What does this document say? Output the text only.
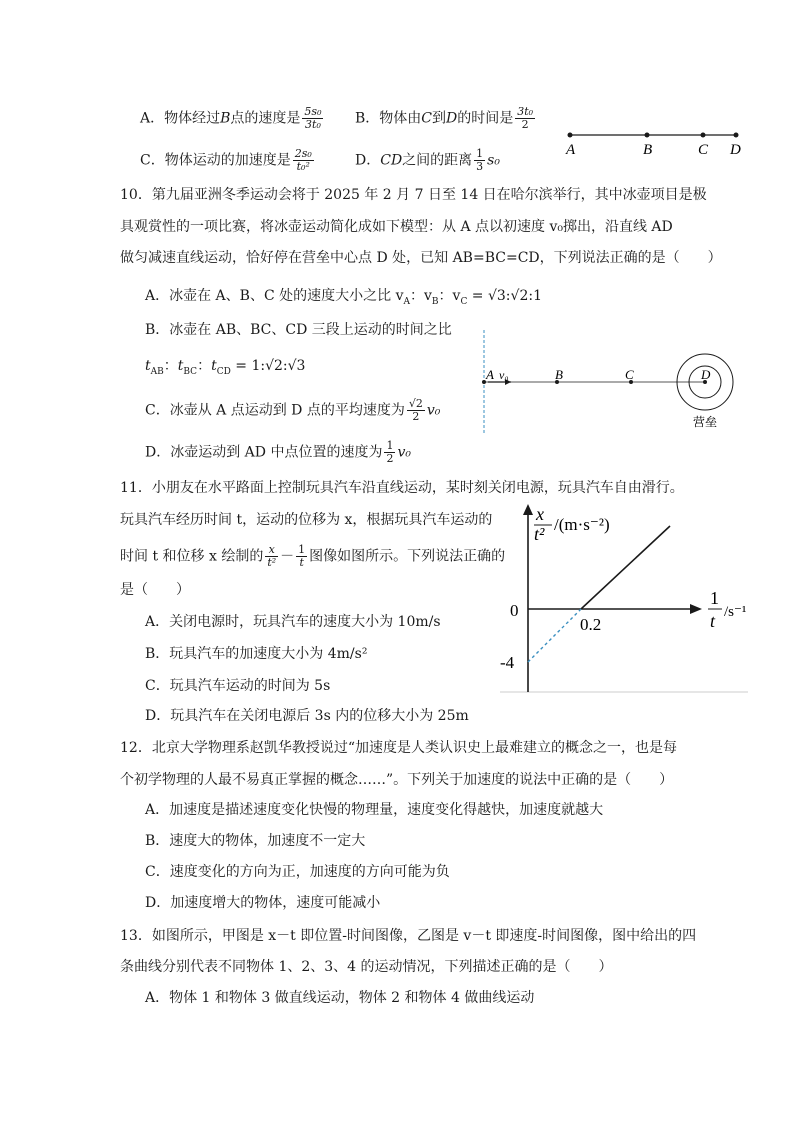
A．物体经过B点的速度是 $\frac{\text{5s₀}}{\text{3t₀}}$ B．物体由C到D的时间是 $\frac{\text{3t₀}}{2}$
C．物体运动的加速度是 $\frac{\text{2s₀}}{\text{t₀²}}$	D．CD之间的距离 $\frac{1}{3} s_0$
A	B	C D
10．第九届亚洲冬季运动会将于 2025 年 2 月 7 日至 14 日在哈尔滨举行，其中冰壶项目是极
具观赏性的一项比赛，将冰壶运动简化成如下模型：从 A 点以初速度 v₀掷出，沿直线 AD
做匀减速直线运动，恰好停在营垒中心点 D 处，已知 AB=BC=CD，下列说法正确的是（　　）
A．冰壶在 A、B、C 处的速度大小之比 $v_A$：$v_B$：$v_C$ = √3:√2:1
B．冰壶在 AB、BC、CD 三段上运动的时间之比
$t_{AB}$：$t_{BC}$：$t_{CD}$ = 1:√2:√3
C．冰壶从 A 点运动到 D 点的平均速度为 $\frac{√2}{2} v_0$
D．冰壶运动到 AD 中点位置的速度为 $\frac{1}{2} v_0$
A v₀	B	C	D
营垒
11．小朋友在水平路面上控制玩具汽车沿直线运动，某时刻关闭电源，玩具汽车自由滑行。
玩具汽车经历时间 t，运动的位移为 x，根据玩具汽车运动的
时间 t 和位移 x 绘制的 $\frac{x}{\text{t²}} - \frac{1}{t}$ 图像如图所示。下列说法正确的
是（　　）
A．关闭电源时，玩具汽车的速度大小为 10m/s
B．玩具汽车的加速度大小为 4m/s²
C．玩具汽车运动的时间为 5s
D．玩具汽车在关闭电源后 3s 内的位移大小为 25m
x
t² /(m·s⁻²)
1
t /s⁻¹
0
0.2
-4
12．北京大学物理系赵凯华教授说过“加速度是人类认识史上最难建立的概念之一，也是每
个初学物理的人最不易真正掌握的概念……”。下列关于加速度的说法中正确的是（　　）
A．加速度是描述速度变化快慢的物理量，速度变化得越快，加速度就越大
B．速度大的物体，加速度不一定大
C．速度变化的方向为正，加速度的方向可能为负
D．加速度增大的物体，速度可能减小
13．如图所示，甲图是 x－t 即位置-时间图像，乙图是 v－t 即速度-时间图像，图中给出的四
条曲线分别代表不同物体 1、2、3、4 的运动情况，下列描述正确的是（　　）
A．物体 1 和物体 3 做直线运动，物体 2 和物体 4 做曲线运动
